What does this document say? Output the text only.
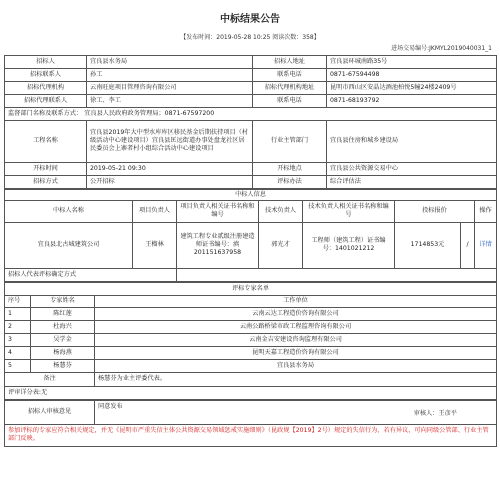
中标结果公告
【发布时间：2019-05-28 10:25 阅读次数：358】
进场交易编号:JKMYL2019040031_1
招标人	宜良县水务局	招标人地址	宜良县环城南路35号
招标联系人	孙工	联系电话	0871-67594498
招标代理机构	云南旺庭项目管理咨询有限公司	招标代理机构地址	昆明市西山区安晶达酒池柏悦5幢24楼2409号
招标代理联系人	徐工、李工	联系电话	0871-68193792
监督部门名称及联系方式： 宜良县人民政府政务管理局；0871-67597200			
工程名称	宜良县2019年大中型水库库区移民基金后期扶持项目（村级活动中心建设项目）宜良县匡远街道办事处盘龙社区居民委员会上寨者村小组综合活动中心建设项目	行业主管部门	宜良县住房和城乡建设局
开标时间	2019-05-21 09:30	开标地点	宜良县公共资源交易中心
招标方式	公开招标	评标办法	综合评估法
中标人信息							
中标人名称	项目负责人	项目负责人相关证书名称和编号	技术负责人	技术负责人相关证书名称和编号	投标报价		操作
宜良县北古城建筑公司	王榴林	建筑工程专业贰级注册建造师证书编号：滇 201151637958	郭光才	工程师（建筑工程）证书编号：1401021212	1714853元	/	详情
招标人代表评标确定方式							
评标专家名单		
序号	专家姓名	工作单位
1	陈红莲	云南云达工程造价咨询有限公司
2	杜海兴	云南公路桥梁市政工程监理咨询有限公司
3	吴学金	云南金吉安建设咨询监理有限公司
4	杨海燕	昆明天嘉工程造价咨询有限公司
5	杨慧芬	宜良县水务局
备注		杨慧芬为业主评委代表。
评审详分表:无		
招标人审核意见	
同意发布
审核人：王彦平

参加评标的专家应符合相关规定，并无《昆明市严重失信主体公共资源交易领域惩戒实施细则》（昆政规【2019】2号）规定的失信行为，若有异议，可向同级公管部、行业主管部门反映。
